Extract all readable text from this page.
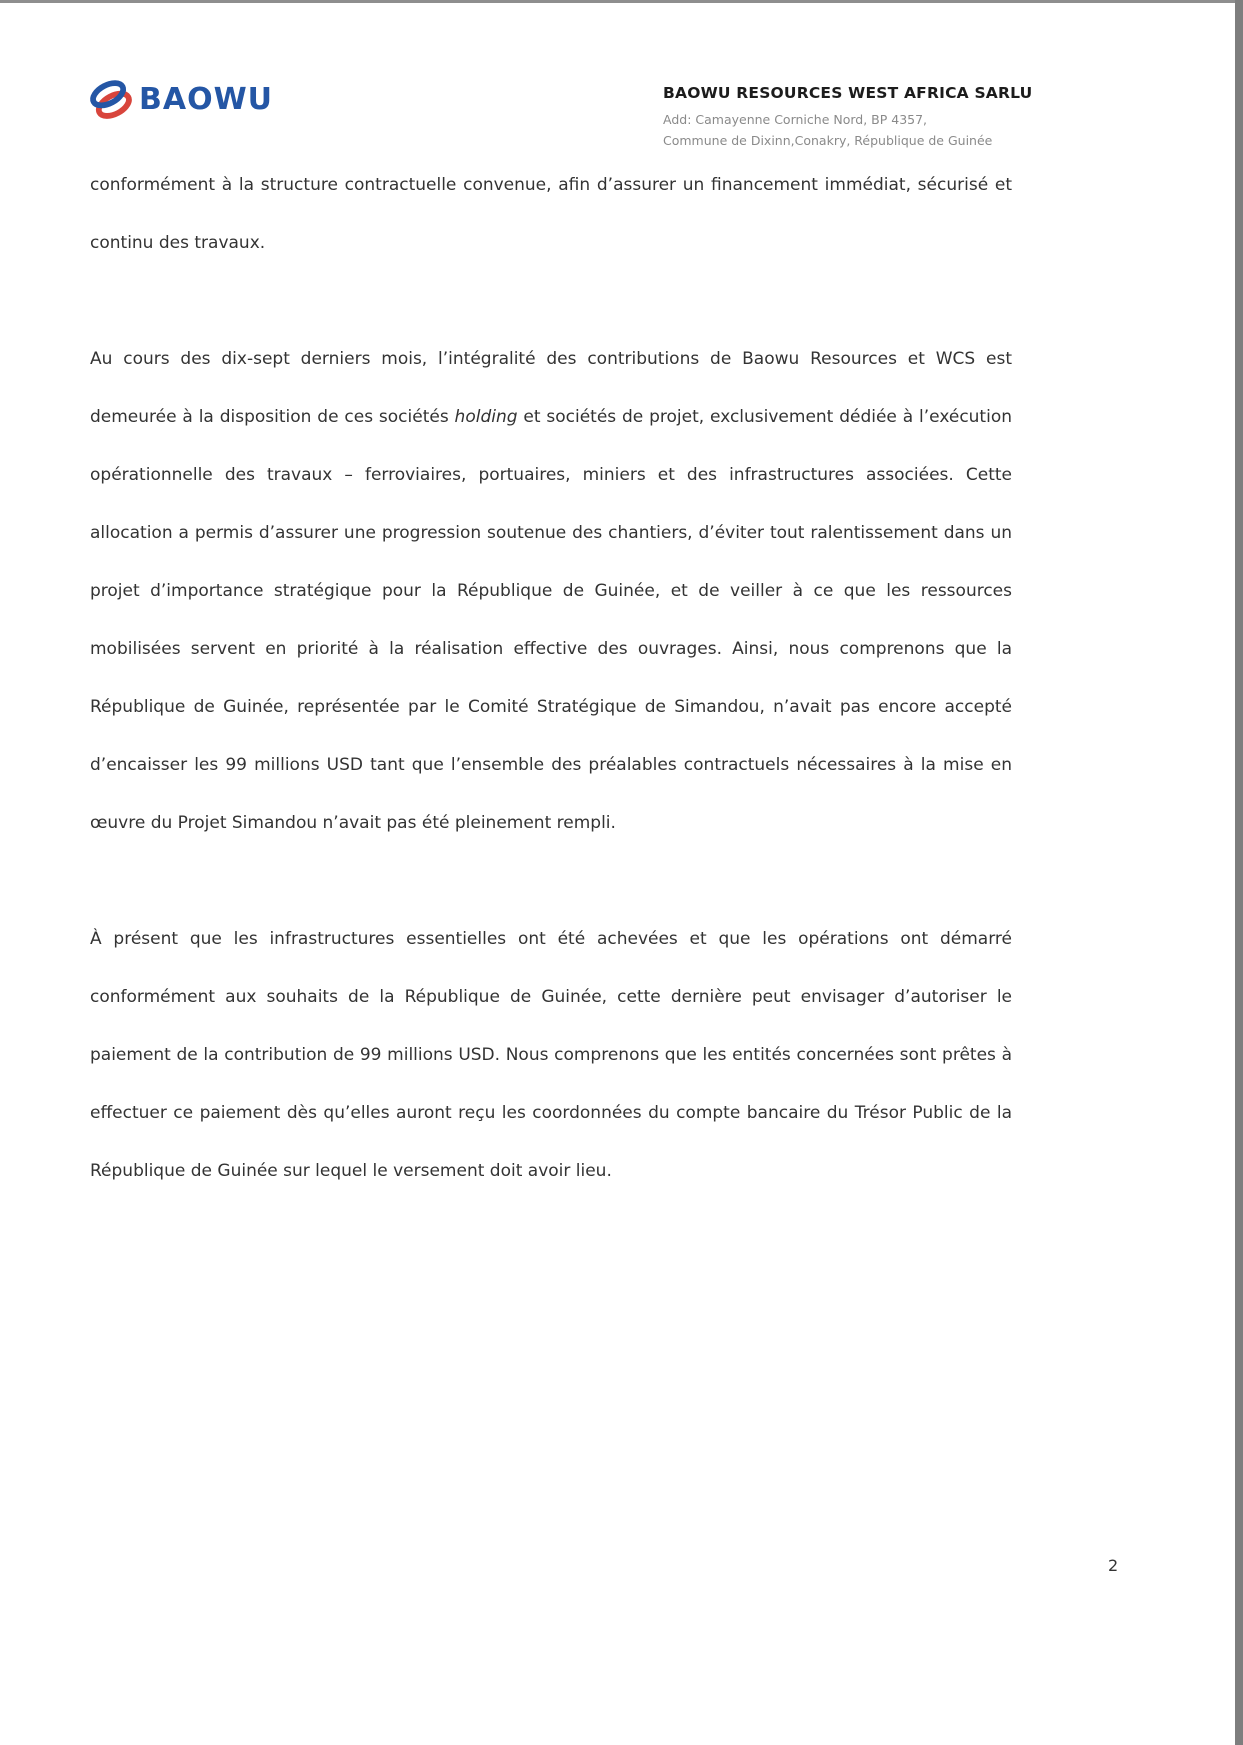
BAOWU	BAOWU RESOURCES WEST AFRICA SARLU
Add: Camayenne Corniche Nord, BP 4357,
Commune de Dixinn,Conakry, République de Guinée

conformément à la structure contractuelle convenue, afin d’assurer un financement immédiat, sécurisé et continu des travaux.

Au cours des dix-sept derniers mois, l’intégralité des contributions de Baowu Resources et WCS est demeurée à la disposition de ces sociétés holding et sociétés de projet, exclusivement dédiée à l’exécution opérationnelle des travaux – ferroviaires, portuaires, miniers et des infrastructures associées. Cette allocation a permis d’assurer une progression soutenue des chantiers, d’éviter tout ralentissement dans un projet d’importance stratégique pour la République de Guinée, et de veiller à ce que les ressources mobilisées servent en priorité à la réalisation effective des ouvrages. Ainsi, nous comprenons que la République de Guinée, représentée par le Comité Stratégique de Simandou, n’avait pas encore accepté d’encaisser les 99 millions USD tant que l’ensemble des préalables contractuels nécessaires à la mise en œuvre du Projet Simandou n’avait pas été pleinement rempli.

À présent que les infrastructures essentielles ont été achevées et que les opérations ont démarré conformément aux souhaits de la République de Guinée, cette dernière peut envisager d’autoriser le paiement de la contribution de 99 millions USD. Nous comprenons que les entités concernées sont prêtes à effectuer ce paiement dès qu’elles auront reçu les coordonnées du compte bancaire du Trésor Public de la République de Guinée sur lequel le versement doit avoir lieu.

2
